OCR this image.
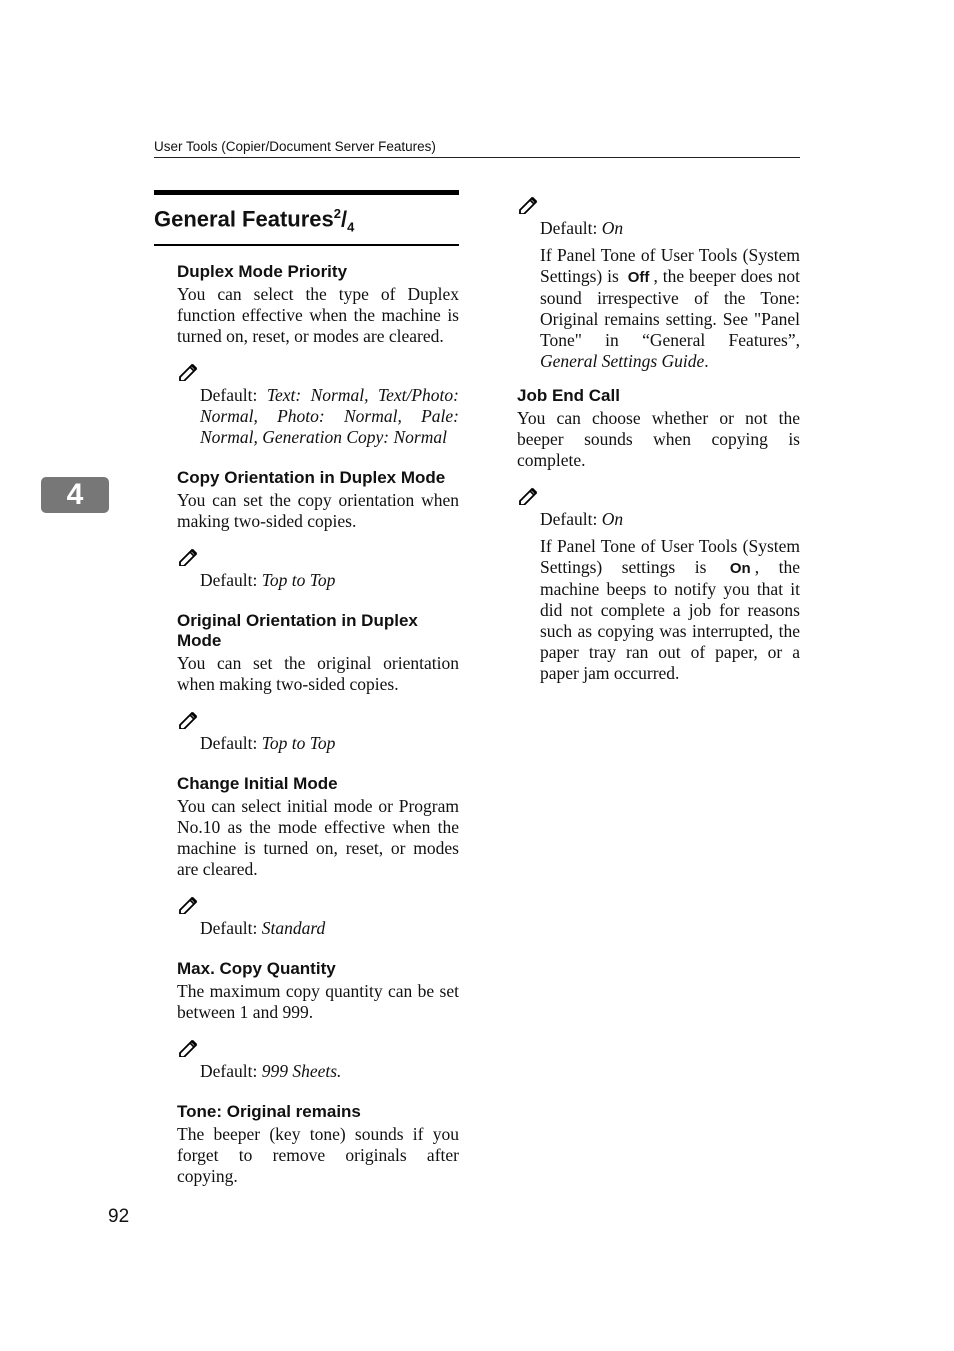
User Tools (Copier/Document Server Features)
4
General $Features^2/_4$
Duplex Mode Priority

You can select the type of Duplex function effective when the machine is turned on, reset, or modes are cleared.

Default: Text: Normal, Text/Photo: Normal, Photo: Normal, Pale: Normal, Generation Copy: Normal

Copy Orientation in Duplex Mode

You can set the copy orientation when making two-sided copies.

Default: Top to Top

Original Orientation in Duplex Mode

You can set the original orientation when making two-sided copies.

Default: Top to Top

Change Initial Mode

You can select initial mode or Program No.10 as the mode effective when the machine is turned on, reset, or modes are cleared.

Default: Standard

Max. Copy Quantity

The maximum copy quantity can be set between 1 and 999.

Default: 999 Sheets.

Tone: Original remains

The beeper (key tone) sounds if you forget to remove originals after copying.

Default: On

If Panel Tone of User Tools (System Settings) is Off , the beeper does not sound irrespective of the Tone: Original remains setting. See "Panel Tone" in “General Features”, General Settings Guide.

Job End Call

You can choose whether or not the beeper sounds when copying is complete.

Default: On

If Panel Tone of User Tools (System Settings) settings is On , the machine beeps to notify you that it did not complete a job for reasons such as copying was interrupted, the paper tray ran out of paper, or a paper jam occurred.

92
